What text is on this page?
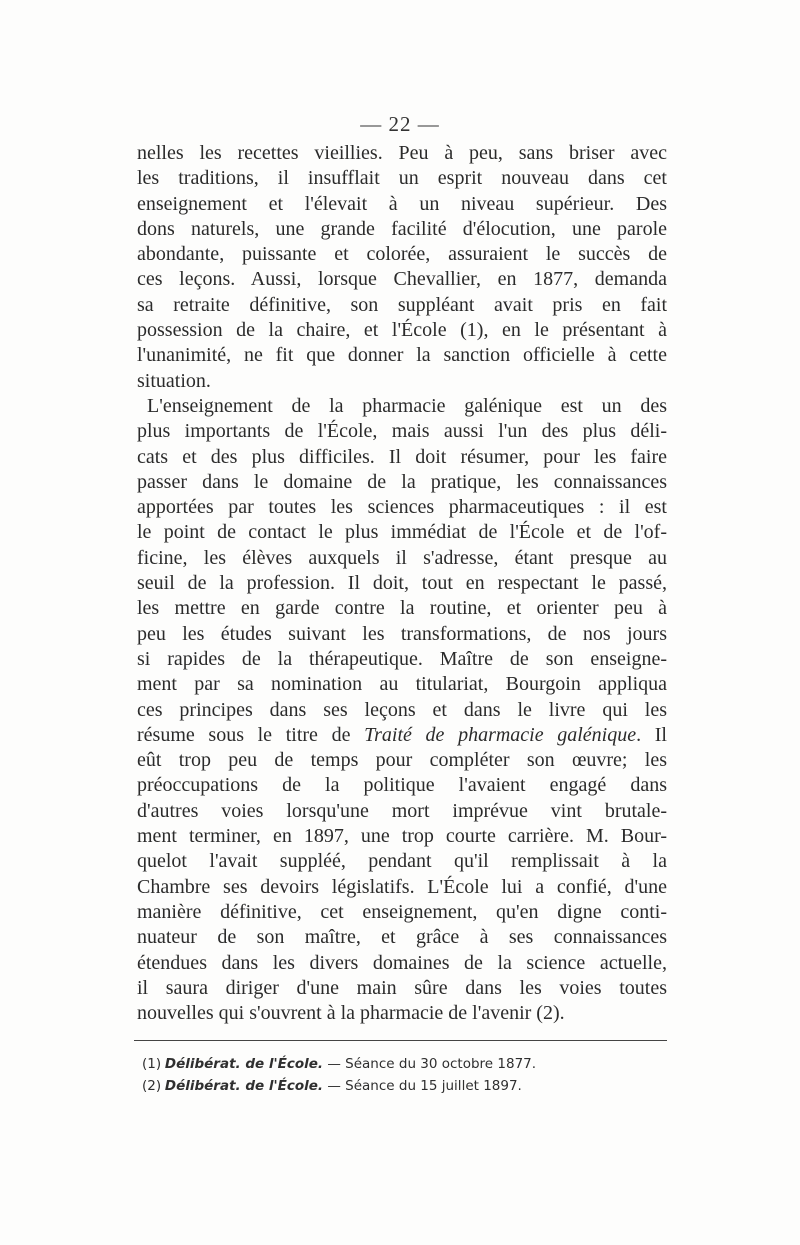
— 22 —
nelles les recettes vieillies. Peu à peu, sans briser avec
les traditions, il insufflait un esprit nouveau dans cet
enseignement et l'élevait à un niveau supérieur. Des
dons naturels, une grande facilité d'élocution, une parole
abondante, puissante et colorée, assuraient le succès de
ces leçons. Aussi, lorsque Chevallier, en 1877, demanda
sa retraite définitive, son suppléant avait pris en fait
possession de la chaire, et l'École (1), en le présentant à
l'unanimité, ne fit que donner la sanction officielle à cette
situation.
L'enseignement de la pharmacie galénique est un des
plus importants de l'École, mais aussi l'un des plus déli-
cats et des plus difficiles. Il doit résumer, pour les faire
passer dans le domaine de la pratique, les connaissances
apportées par toutes les sciences pharmaceutiques : il est
le point de contact le plus immédiat de l'École et de l'of-
ficine, les élèves auxquels il s'adresse, étant presque au
seuil de la profession. Il doit, tout en respectant le passé,
les mettre en garde contre la routine, et orienter peu à
peu les études suivant les transformations, de nos jours
si rapides de la thérapeutique. Maître de son enseigne-
ment par sa nomination au titulariat, Bourgoin appliqua
ces principes dans ses leçons et dans le livre qui les
résume sous le titre de Traité de pharmacie galénique. Il
eût trop peu de temps pour compléter son œuvre; les
préoccupations de la politique l'avaient engagé dans
d'autres voies lorsqu'une mort imprévue vint brutale-
ment terminer, en 1897, une trop courte carrière. M. Bour-
quelot l'avait suppléé, pendant qu'il remplissait à la
Chambre ses devoirs législatifs. L'École lui a confié, d'une
manière définitive, cet enseignement, qu'en digne conti-
nuateur de son maître, et grâce à ses connaissances
étendues dans les divers domaines de la science actuelle,
il saura diriger d'une main sûre dans les voies toutes
nouvelles qui s'ouvrent à la pharmacie de l'avenir (2).
(1) Délibérat. de l'École. — Séance du 30 octobre 1877.
(2) Délibérat. de l'École. — Séance du 15 juillet 1897.
